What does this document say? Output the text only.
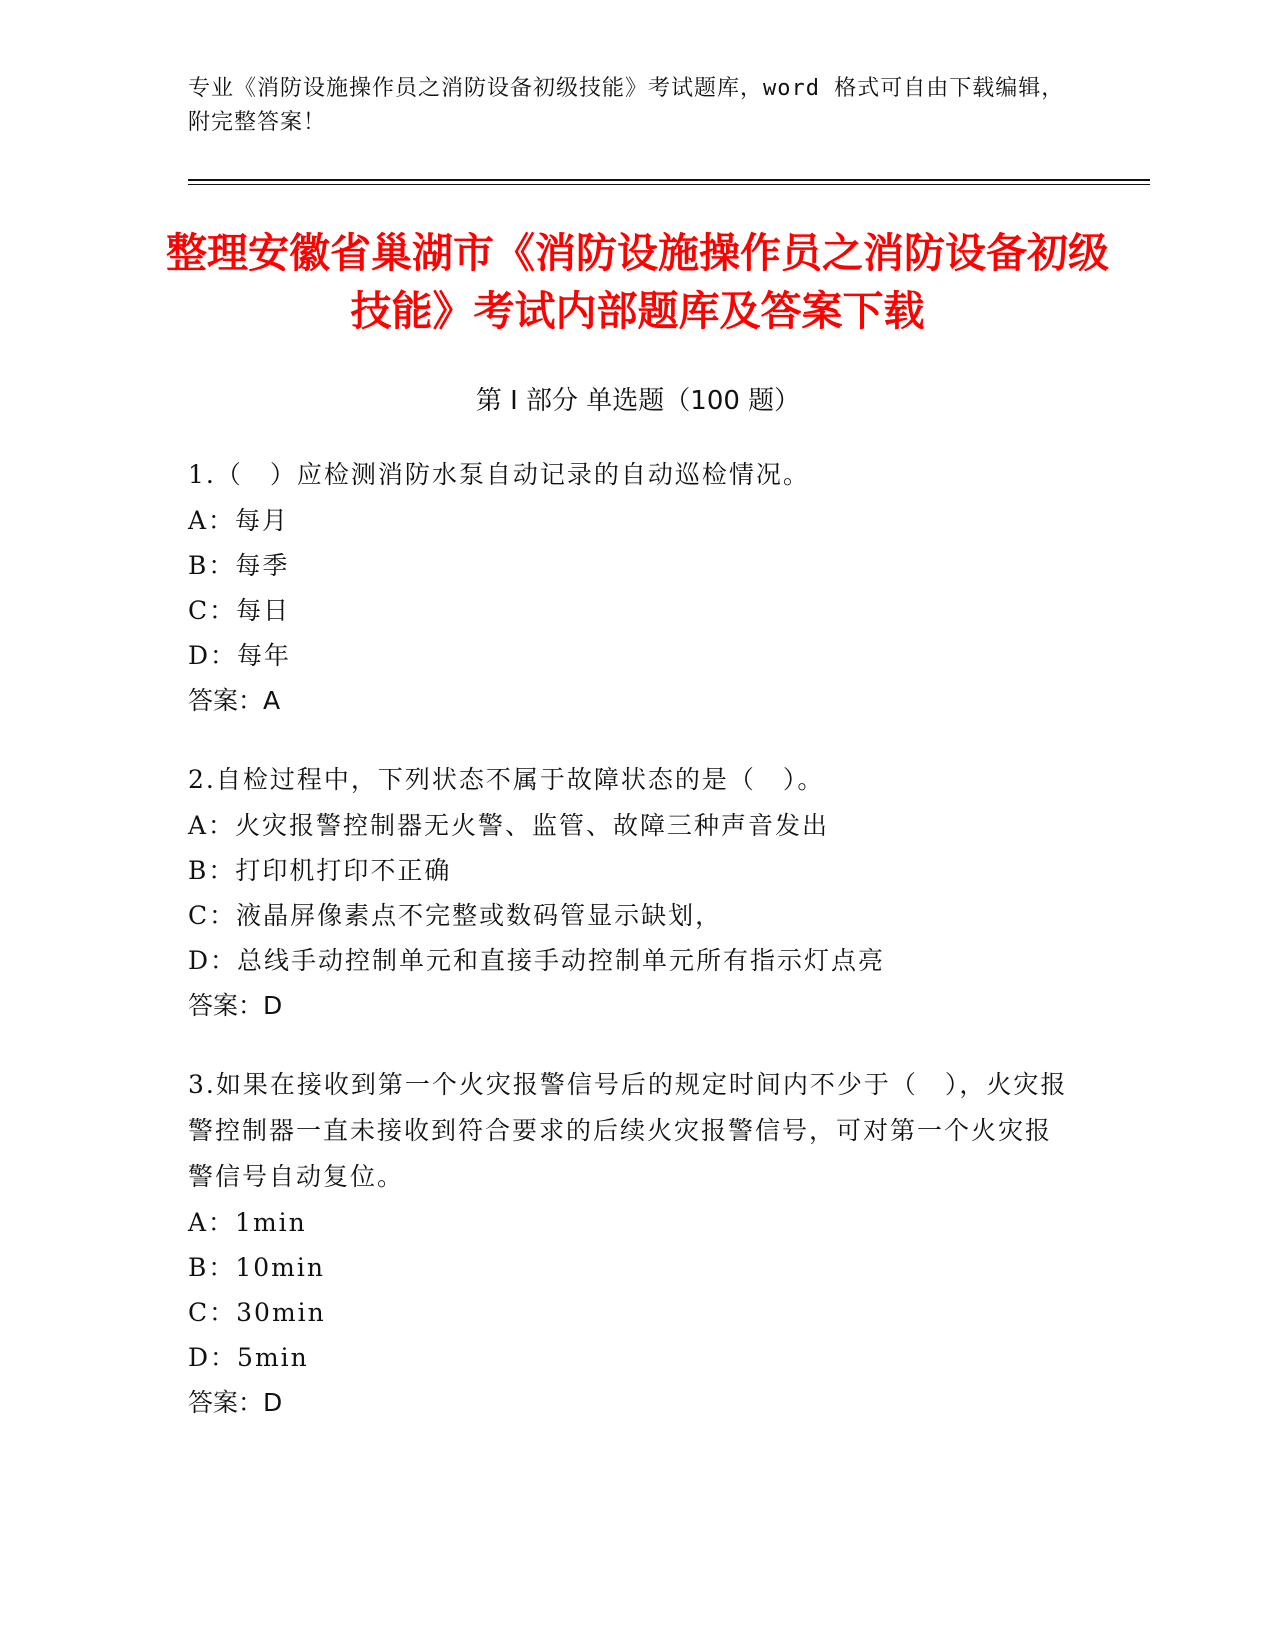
专业《消防设施操作员之消防设备初级技能》考试题库，word 格式可自由下载编辑，附完整答案！
整理安徽省巢湖市《消防设施操作员之消防设备初级技能》考试内部题库及答案下载
第 I 部分 单选题（100 题）

1.（　）应检测消防水泵自动记录的自动巡检情况。

A：每月

B：每季

C：每日

D：每年

答案：A

2.自检过程中，下列状态不属于故障状态的是（　）。

A：火灾报警控制器无火警、监管、故障三种声音发出

B：打印机打印不正确

C：液晶屏像素点不完整或数码管显示缺划，

D：总线手动控制单元和直接手动控制单元所有指示灯点亮

答案：D

3.如果在接收到第一个火灾报警信号后的规定时间内不少于（　），火灾报警控制器一直未接收到符合要求的后续火灾报警信号，可对第一个火灾报警信号自动复位。

A：1min

B：10min

C：30min

D：5min

答案：D
